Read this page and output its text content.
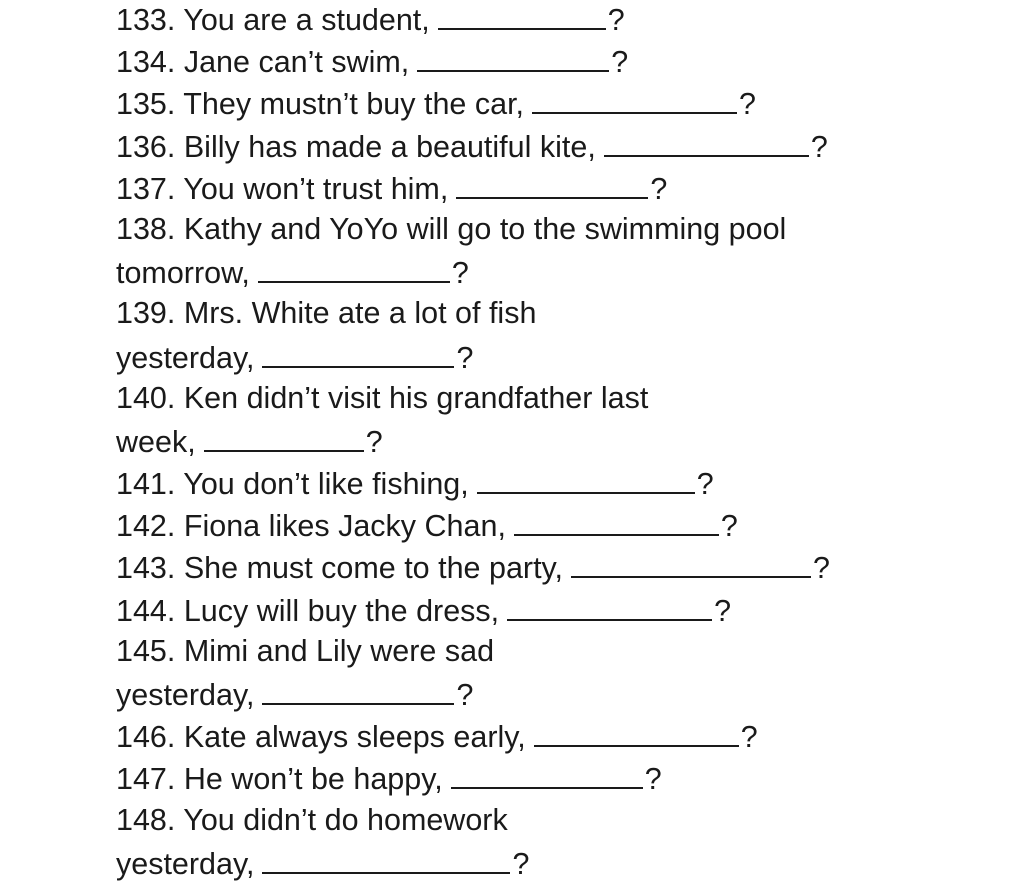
133. You are a student,	?
134. Jane can’t swim,	?
135. They mustn’t buy the car,	?
136. Billy has made a beautiful kite,	?
137. You won’t trust him,	?
138. Kathy and YoYo will go to the swimming pool
tomorrow,	?
139. Mrs. White ate a lot of fish
yesterday,	?
140. Ken didn’t visit his grandfather last
week,	?
141. You don’t like fishing,	?
142. Fiona likes Jacky Chan,	?
143. She must come to the party,	?
144. Lucy will buy the dress,	?
145. Mimi and Lily were sad
yesterday,	?
146. Kate always sleeps early,	?
147. He won’t be happy,	?
148. You didn’t do homework
yesterday,	?
